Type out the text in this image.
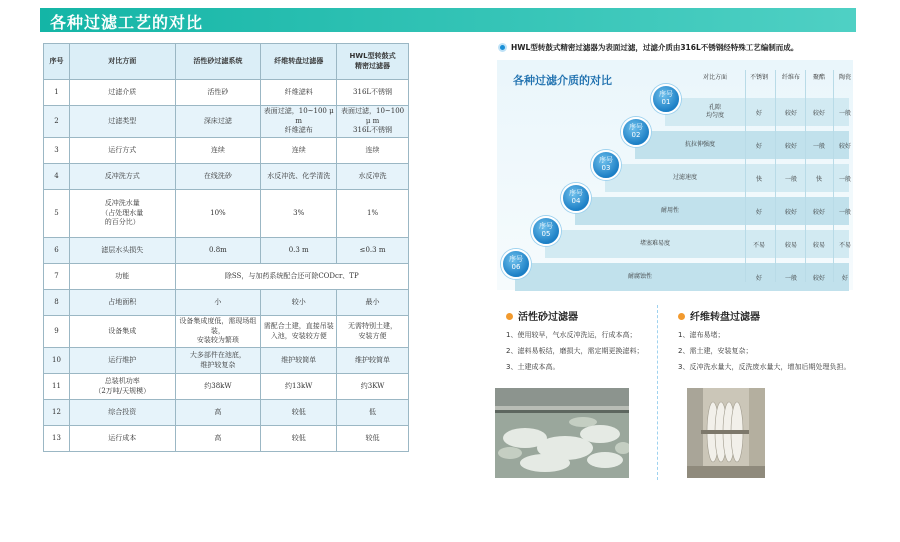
各种过滤工艺的对比
序号	对比方面	活性砂过滤系统	纤维转盘过滤器	HWL型转鼓式
精密过滤器
1	过滤介质	活性砂	纤维滤料	316L不锈钢
2	过滤类型	深床过滤	表面过滤，10~100 μ m
纤维滤布	表面过滤，10~100 μ m
316L不锈钢
3	运行方式	连续	连续	连续
4	反冲洗方式	在线洗砂	水反冲洗、化学清洗	水反冲洗
5	反冲洗水量
（占处理水量
的百分比）	10%	3%	1%
6	滤层水头损失	0.8m	0.3 m	≤0.3 m
7	功能	除SS，与加药系统配合还可除CODcr、TP		
8	占地面积	小	较小	最小
9	设备集成	设备集成度低，需现场组装，
安装较为繁琐	需配合土建，直接吊装
入池，安装较方便	无需特别土建，
安装方便
10	运行维护	大多部件在池底，
维护较复杂	维护较简单	维护较简单
11	总装机功率
（2万吨/天规模）	约38kW	约13kW	约3KW
12	综合投资	高	较低	低
13	运行成本	高	较低	较低
HWL型转鼓式精密过滤器为表面过滤，过滤介质由316L不锈钢经特殊工艺编制而成。
各种过滤介质的对比	对比方面	不锈钢	纤维布	聚酯	陶瓷
序号
01
孔隙
均匀度	好	较好	较好	一般
序号
02
抗拉伸强度	好	较好	一般	较好
序号
03
过滤速度	快	一般	快	一般
序号
04
耐用性	好	较好	较好	一般
序号
05
堵塞难易度	不易	较易	较易	不易
序号
06
耐腐蚀性	好	一般	较好	好
活性砂过滤器
1、使用较早，气水反冲洗运，行成本高；
2、滤料易板结，磨损大，需定期更换滤料；
3、土建成本高。
纤维转盘过滤器
1、滤布易堵；
2、需土建，安装复杂；
3、反冲洗水量大，反洗废水量大，增加后期处理负担。
